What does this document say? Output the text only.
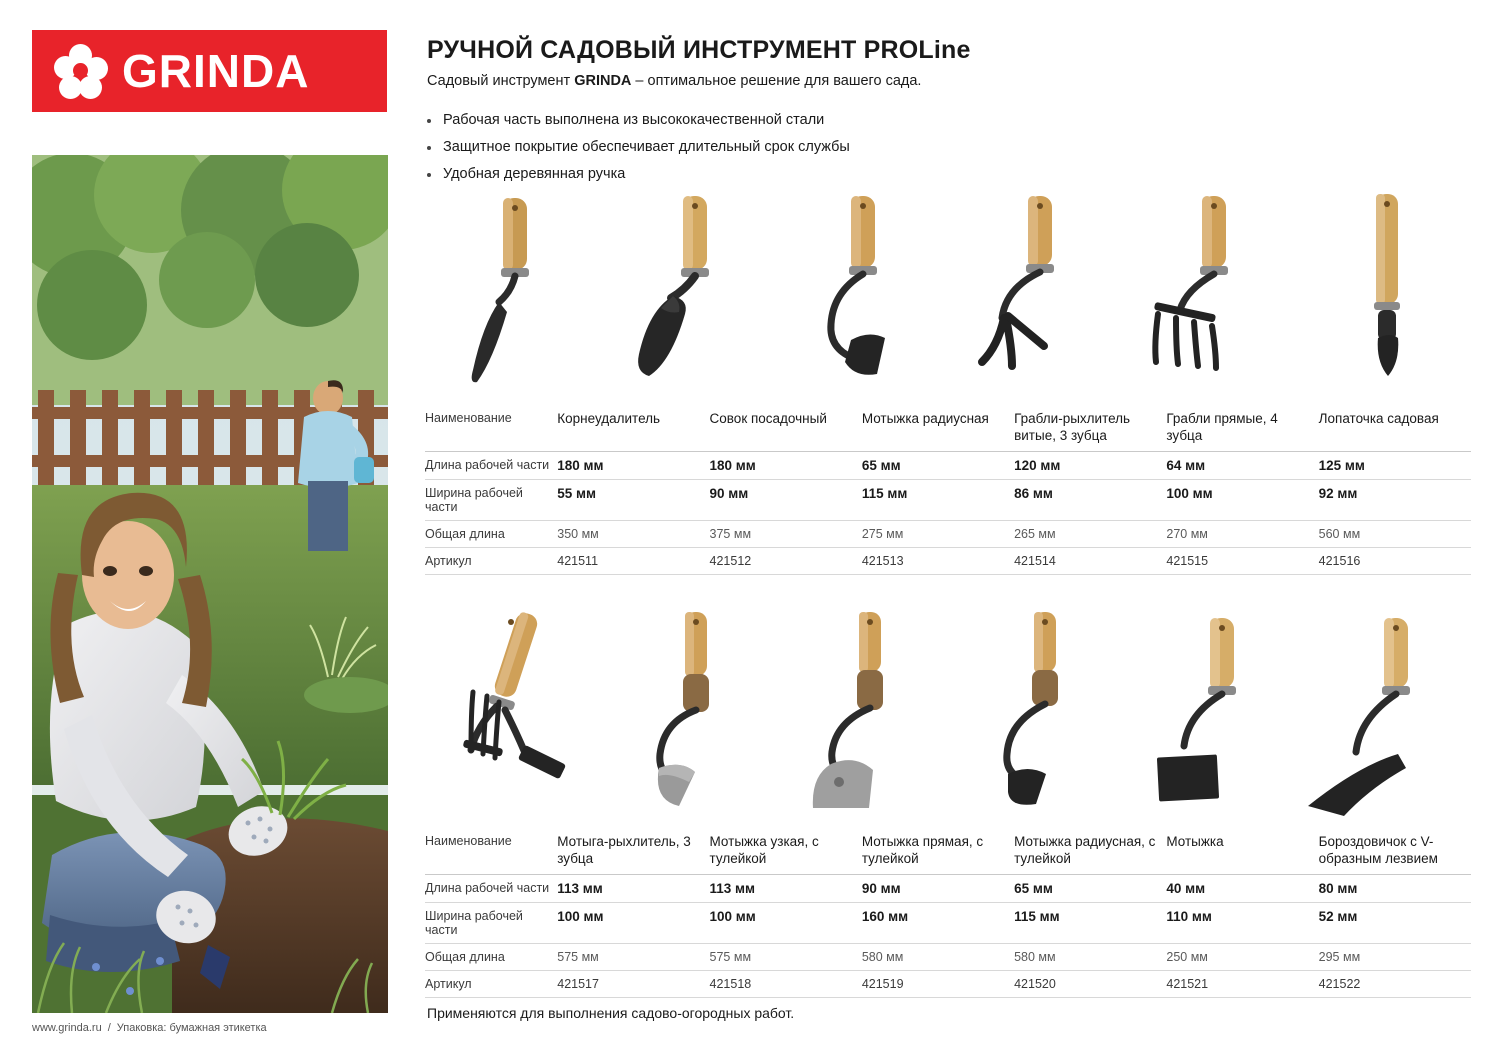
GRINDA	РУЧНОЙ САДОВЫЙ ИНСТРУМЕНТ PROLine
Садовый инструмент GRINDA – оптимальное решение для вашего сада.
Рабочая часть выполнена из высококачественной стали
Защитное покрытие обеспечивает длительный срок службы
Удобная деревянная ручка
Наименование	Корнеудалитель	Совок посадочный	Мотыжка радиусная	Грабли-рыхлитель витые, 3 зубца	Грабли прямые, 4 зубца	Лопаточка садовая
Длина рабочей части	180 мм	180 мм	65 мм	120 мм	64 мм	125 мм
Ширина рабочей части	55 мм	90 мм	115 мм	86 мм	100 мм	92 мм
Общая длина	350 мм	375 мм	275 мм	265 мм	270 мм	560 мм
Артикул	421511	421512	421513	421514	421515	421516
Наименование	Мотыга-рыхлитель, 3 зубца	Мотыжка узкая, с тулейкой	Мотыжка прямая, с тулейкой	Мотыжка радиусная, с тулейкой	Мотыжка	Бороздовичок с V-образным лезвием
Длина рабочей части	113 мм	113 мм	90 мм	65 мм	40 мм	80 мм
Ширина рабочей части	100 мм	100 мм	160 мм	115 мм	110 мм	52 мм
Общая длина	575 мм	575 мм	580 мм	580 мм	250 мм	295 мм
Артикул	421517	421518	421519	421520	421521	421522
Применяются для выполнения садово-огородных работ.
www.grinda.ru / Упаковка: бумажная этикетка
